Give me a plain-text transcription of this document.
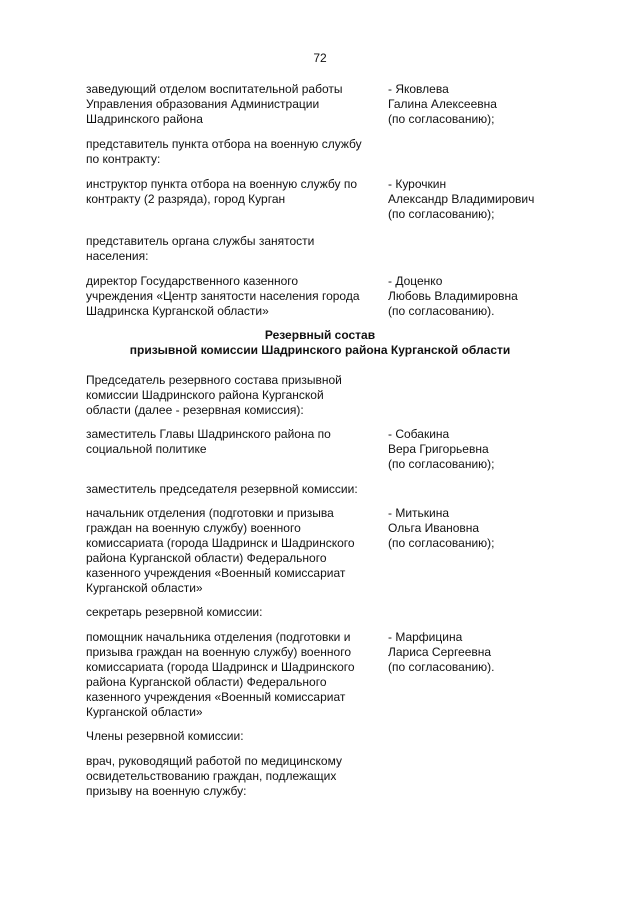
72

заведующий отделом воспитательной работы
Управления образования Администрации
Шадринского района

- Яковлева
Галина Алексеевна
(по согласованию);

представитель пункта отбора на военную службу
по контракту:

инструктор пункта отбора на военную службу по
контракту (2 разряда), город Курган

- Курочкин
Александр Владимирович
(по согласованию);

представитель органа службы занятости
населения:

директор Государственного казенного
учреждения «Центр занятости населения города
Шадринска Курганской области»

- Доценко
Любовь Владимировна
(по согласованию).

Резервный состав
призывной комиссии Шадринского района Курганской области

Председатель резервного состава призывной
комиссии Шадринского района Курганской
области (далее - резервная комиссия):

заместитель Главы Шадринского района по
социальной политике

- Собакина
Вера Григорьевна
(по согласованию);

заместитель председателя резервной комиссии:

начальник отделения (подготовки и призыва
граждан на военную службу) военного
комиссариата (города Шадринск и Шадринского
района Курганской области) Федерального
казенного учреждения «Военный комиссариат
Курганской области»

- Митькина
Ольга Ивановна
(по согласованию);

секретарь резервной комиссии:

помощник начальника отделения (подготовки и
призыва граждан на военную службу) военного
комиссариата (города Шадринск и Шадринского
района Курганской области) Федерального
казенного учреждения «Военный комиссариат
Курганской области»

- Марфицина
Лариса Сергеевна
(по согласованию).

Члены резервной комиссии:

врач, руководящий работой по медицинскому
освидетельствованию граждан, подлежащих
призыву на военную службу:
